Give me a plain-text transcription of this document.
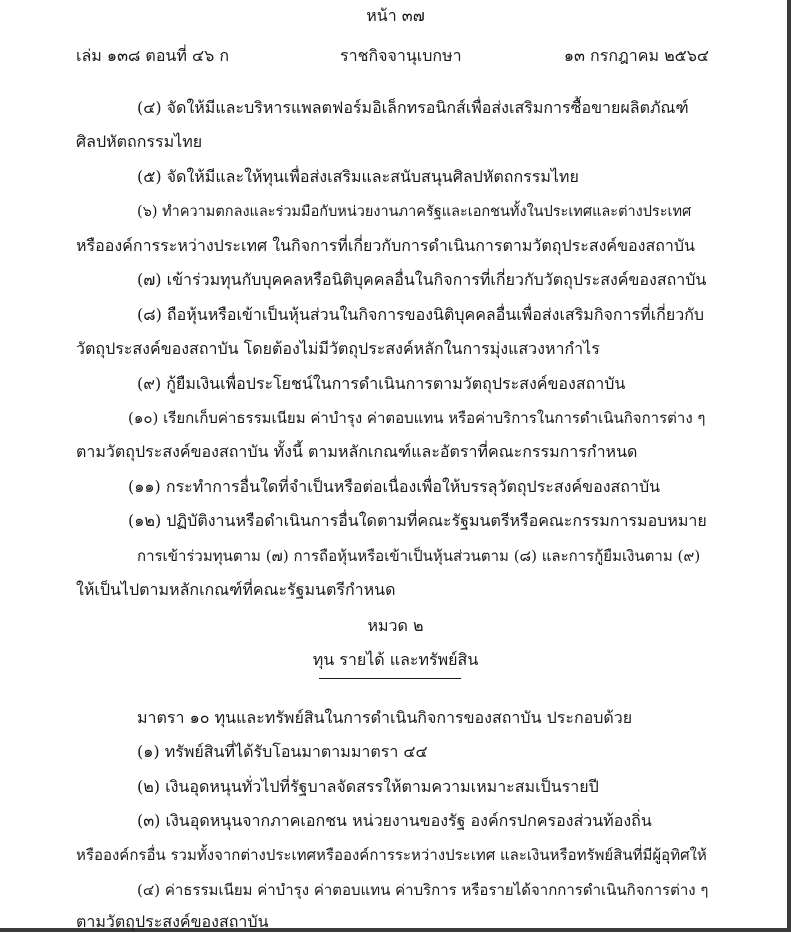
หน้า ๓๗
เล่ม ๑๓๘ ตอนที่ ๔๖ ก	ราชกิจจานุเบกษา	๑๓ กรกฎาคม ๒๕๖๔
(๔) จัดให้มีและบริหารแพลตฟอร์มอิเล็กทรอนิกส์เพื่อส่งเสริมการซื้อขายผลิตภัณฑ์
ศิลปหัตถกรรมไทย
(๕) จัดให้มีและให้ทุนเพื่อส่งเสริมและสนับสนุนศิลปหัตถกรรมไทย
(๖) ทำความตกลงและร่วมมือกับหน่วยงานภาครัฐและเอกชนทั้งในประเทศและต่างประเทศ
หรือองค์การระหว่างประเทศ ในกิจการที่เกี่ยวกับการดำเนินการตามวัตถุประสงค์ของสถาบัน
(๗) เข้าร่วมทุนกับบุคคลหรือนิติบุคคลอื่นในกิจการที่เกี่ยวกับวัตถุประสงค์ของสถาบัน
(๘) ถือหุ้นหรือเข้าเป็นหุ้นส่วนในกิจการของนิติบุคคลอื่นเพื่อส่งเสริมกิจการที่เกี่ยวกับ
วัตถุประสงค์ของสถาบัน โดยต้องไม่มีวัตถุประสงค์หลักในการมุ่งแสวงหากำไร
(๙) กู้ยืมเงินเพื่อประโยชน์ในการดำเนินการตามวัตถุประสงค์ของสถาบัน
(๑๐) เรียกเก็บค่าธรรมเนียม ค่าบำรุง ค่าตอบแทน หรือค่าบริการในการดำเนินกิจการต่าง ๆ
ตามวัตถุประสงค์ของสถาบัน ทั้งนี้ ตามหลักเกณฑ์และอัตราที่คณะกรรมการกำหนด
(๑๑) กระทำการอื่นใดที่จำเป็นหรือต่อเนื่องเพื่อให้บรรลุวัตถุประสงค์ของสถาบัน
(๑๒) ปฏิบัติงานหรือดำเนินการอื่นใดตามที่คณะรัฐมนตรีหรือคณะกรรมการมอบหมาย
การเข้าร่วมทุนตาม (๗) การถือหุ้นหรือเข้าเป็นหุ้นส่วนตาม (๘) และการกู้ยืมเงินตาม (๙)
ให้เป็นไปตามหลักเกณฑ์ที่คณะรัฐมนตรีกำหนด
หมวด ๒
ทุน รายได้ และทรัพย์สิน
มาตรา ๑๐ ทุนและทรัพย์สินในการดำเนินกิจการของสถาบัน ประกอบด้วย
(๑) ทรัพย์สินที่ได้รับโอนมาตามมาตรา ๔๔
(๒) เงินอุดหนุนทั่วไปที่รัฐบาลจัดสรรให้ตามความเหมาะสมเป็นรายปี
(๓) เงินอุดหนุนจากภาคเอกชน หน่วยงานของรัฐ องค์กรปกครองส่วนท้องถิ่น
หรือองค์กรอื่น รวมทั้งจากต่างประเทศหรือองค์การระหว่างประเทศ และเงินหรือทรัพย์สินที่มีผู้อุทิศให้
(๔) ค่าธรรมเนียม ค่าบำรุง ค่าตอบแทน ค่าบริการ หรือรายได้จากการดำเนินกิจการต่าง ๆ
ตามวัตถุประสงค์ของสถาบัน
